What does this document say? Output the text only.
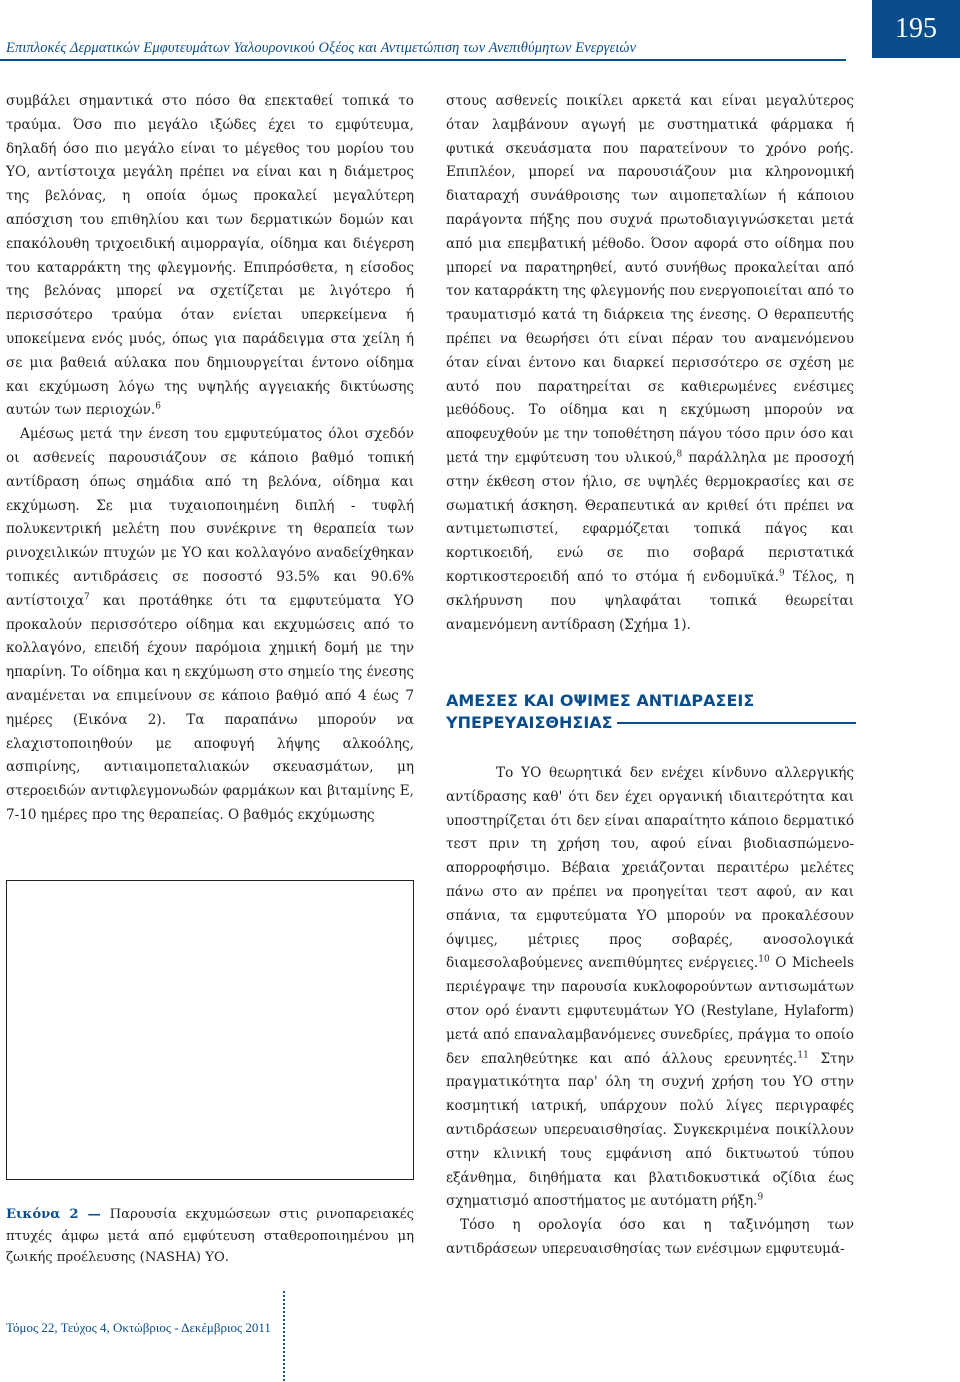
Επιπλοκές Δερματικών Εμφυτευμάτων Υαλουρονικού Οξέος και Αντιμετώπιση των Ανεπιθύμητων Ενεργειών
195

συμβάλει σημαντικά στο πόσο θα επεκταθεί τοπικά το τραύμα. Όσο πιο μεγάλο ιξώδες έχει το εμφύτευμα, δηλαδή όσο πιο μεγάλο είναι το μέγεθος του μορίου του ΥΟ, αντίστοιχα μεγάλη πρέπει να είναι και η διάμετρος της βελόνας, η οποία όμως προκαλεί μεγαλύτερη απόσχιση του επιθηλίου και των δερματικών δομών και επακόλουθη τριχοειδική αιμορραγία, οίδημα και διέγερση του καταρράκτη της φλεγμονής. Επιπρόσθετα, η είσοδος της βελόνας μπορεί να σχετίζεται με λιγότερο ή περισσότερο τραύμα όταν ενίεται υπερκείμενα ή υποκείμενα ενός μυός, όπως για παράδειγμα στα χείλη ή σε μια βαθειά αύλακα που δημιουργείται έντονο οίδημα και εκχύμωση λόγω της υψηλής αγγειακής δικτύωσης αυτών των περιοχών.$^6$

Αμέσως μετά την ένεση του εμφυτεύματος όλοι σχεδόν οι ασθενείς παρουσιάζουν σε κάποιο βαθμό τοπική αντίδραση όπως σημάδια από τη βελόνα, οίδημα και εκχύμωση. Σε μια τυχαιοποιημένη διπλή - τυφλή πολυκεντρική μελέτη που συνέκρινε τη θεραπεία των ρινοχειλικών πτυχών με ΥΟ και κολλαγόνο αναδείχθηκαν τοπικές αντιδράσεις σε ποσοστό 93.5% και 90.6% αντίστοιχα$^7$ και προτάθηκε ότι τα εμφυτεύματα ΥΟ προκαλούν περισσότερο οίδημα και εκχυμώσεις από το κολλαγόνο, επειδή έχουν παρόμοια χημική δομή με την ηπαρίνη. Το οίδημα και η εκχύμωση στο σημείο της ένεσης αναμένεται να επιμείνουν σε κάποιο βαθμό από 4 έως 7 ημέρες (Εικόνα 2). Τα παραπάνω μπορούν να ελαχιστοποιηθούν με αποφυγή λήψης αλκοόλης, ασπιρίνης, αντιαιμοπεταλιακών σκευασμάτων, μη στεροειδών αντιφλεγμονωδών φαρμάκων και βιταμίνης Ε, 7-10 ημέρες προ της θεραπείας. Ο βαθμός εκχύμωσης

Εικόνα 2 — Παρουσία εκχυμώσεων στις ρινοπαρειακές πτυχές άμφω μετά από εμφύτευση σταθεροποιημένου μη ζωικής προέλευσης (NASHA) ΥΟ.

στους ασθενείς ποικίλει αρκετά και είναι μεγαλύτερος όταν λαμβάνουν αγωγή με συστηματικά φάρμακα ή φυτικά σκευάσματα που παρατείνουν το χρόνο ροής. Επιπλέον, μπορεί να παρουσιάζουν μια κληρονομική διαταραχή συνάθροισης των αιμοπεταλίων ή κάποιου παράγοντα πήξης που συχνά πρωτοδιαγιγνώσκεται μετά από μια επεμβατική μέθοδο. Όσον αφορά στο οίδημα που μπορεί να παρατηρηθεί, αυτό συνήθως προκαλείται από τον καταρράκτη της φλεγμονής που ενεργοποιείται από το τραυματισμό κατά τη διάρκεια της ένεσης. Ο θεραπευτής πρέπει να θεωρήσει ότι είναι πέραν του αναμενόμενου όταν είναι έντονο και διαρκεί περισσότερο σε σχέση με αυτό που παρατηρείται σε καθιερωμένες ενέσιμες μεθόδους. Το οίδημα και η εκχύμωση μπορούν να αποφευχθούν με την τοποθέτηση πάγου τόσο πριν όσο και μετά την εμφύτευση του υλικού,$^8$ παράλληλα με προσοχή στην έκθεση στον ήλιο, σε υψηλές θερμοκρασίες και σε σωματική άσκηση. Θεραπευτικά αν κριθεί ότι πρέπει να αντιμετωπιστεί, εφαρμόζεται τοπικά πάγος και κορτικοειδή, ενώ σε πιο σοβαρά περιστατικά κορτικοστεροειδή από το στόμα ή ενδομυϊκά.$^9$ Τέλος, η σκλήρυνση που ψηλαφάται τοπικά θεωρείται αναμενόμενη αντίδραση (Σχήμα 1).

ΑΜΕΣΕΣ ΚΑΙ ΟΨΙΜΕΣ ΑΝΤΙΔΡΑΣΕΙΣ
ΥΠΕΡΕΥΑΙΣΘΗΣΙΑΣ

Το ΥΟ θεωρητικά δεν ενέχει κίνδυνο αλλεργικής αντίδρασης καθ' ότι δεν έχει οργανική ιδιαιτερότητα και υποστηρίζεται ότι δεν είναι απαραίτητο κάποιο δερματικό τεστ πριν τη χρήση του, αφού είναι βιοδιασπώμενο-απορροφήσιμο. Βέβαια χρειάζονται περαιτέρω μελέτες πάνω στο αν πρέπει να προηγείται τεστ αφού, αν και σπάνια, τα εμφυτεύματα ΥΟ μπορούν να προκαλέσουν όψιμες, μέτριες προς σοβαρές, ανοσολογικά διαμεσολαβούμενες ανεπιθύμητες ενέργειες.$^{10}$ Ο Micheels περιέγραψε την παρουσία κυκλοφορούντων αντισωμάτων στον ορό έναντι εμφυτευμάτων ΥΟ (Restylane, Hylaform) μετά από επαναλαμβανόμενες συνεδρίες, πράγμα το οποίο δεν επαληθεύτηκε και από άλλους ερευνητές.$^{11}$ Στην πραγματικότητα παρ' όλη τη συχνή χρήση του ΥΟ στην κοσμητική ιατρική, υπάρχουν πολύ λίγες περιγραφές αντιδράσεων υπερευαισθησίας. Συγκεκριμένα ποικίλλουν στην κλινική τους εμφάνιση από δικτυωτού τύπου εξάνθημα, διηθήματα και βλατιδοκυστικά οζίδια έως σχηματισμό αποστήματος με αυτόματη ρήξη.$^9$

Τόσο η ορολογία όσο και η ταξινόμηση των αντιδράσεων υπερευαισθησίας των ενέσιμων εμφυτευμά-

Τόμος 22, Τεύχος 4, Οκτώβριος - Δεκέμβριος 2011
